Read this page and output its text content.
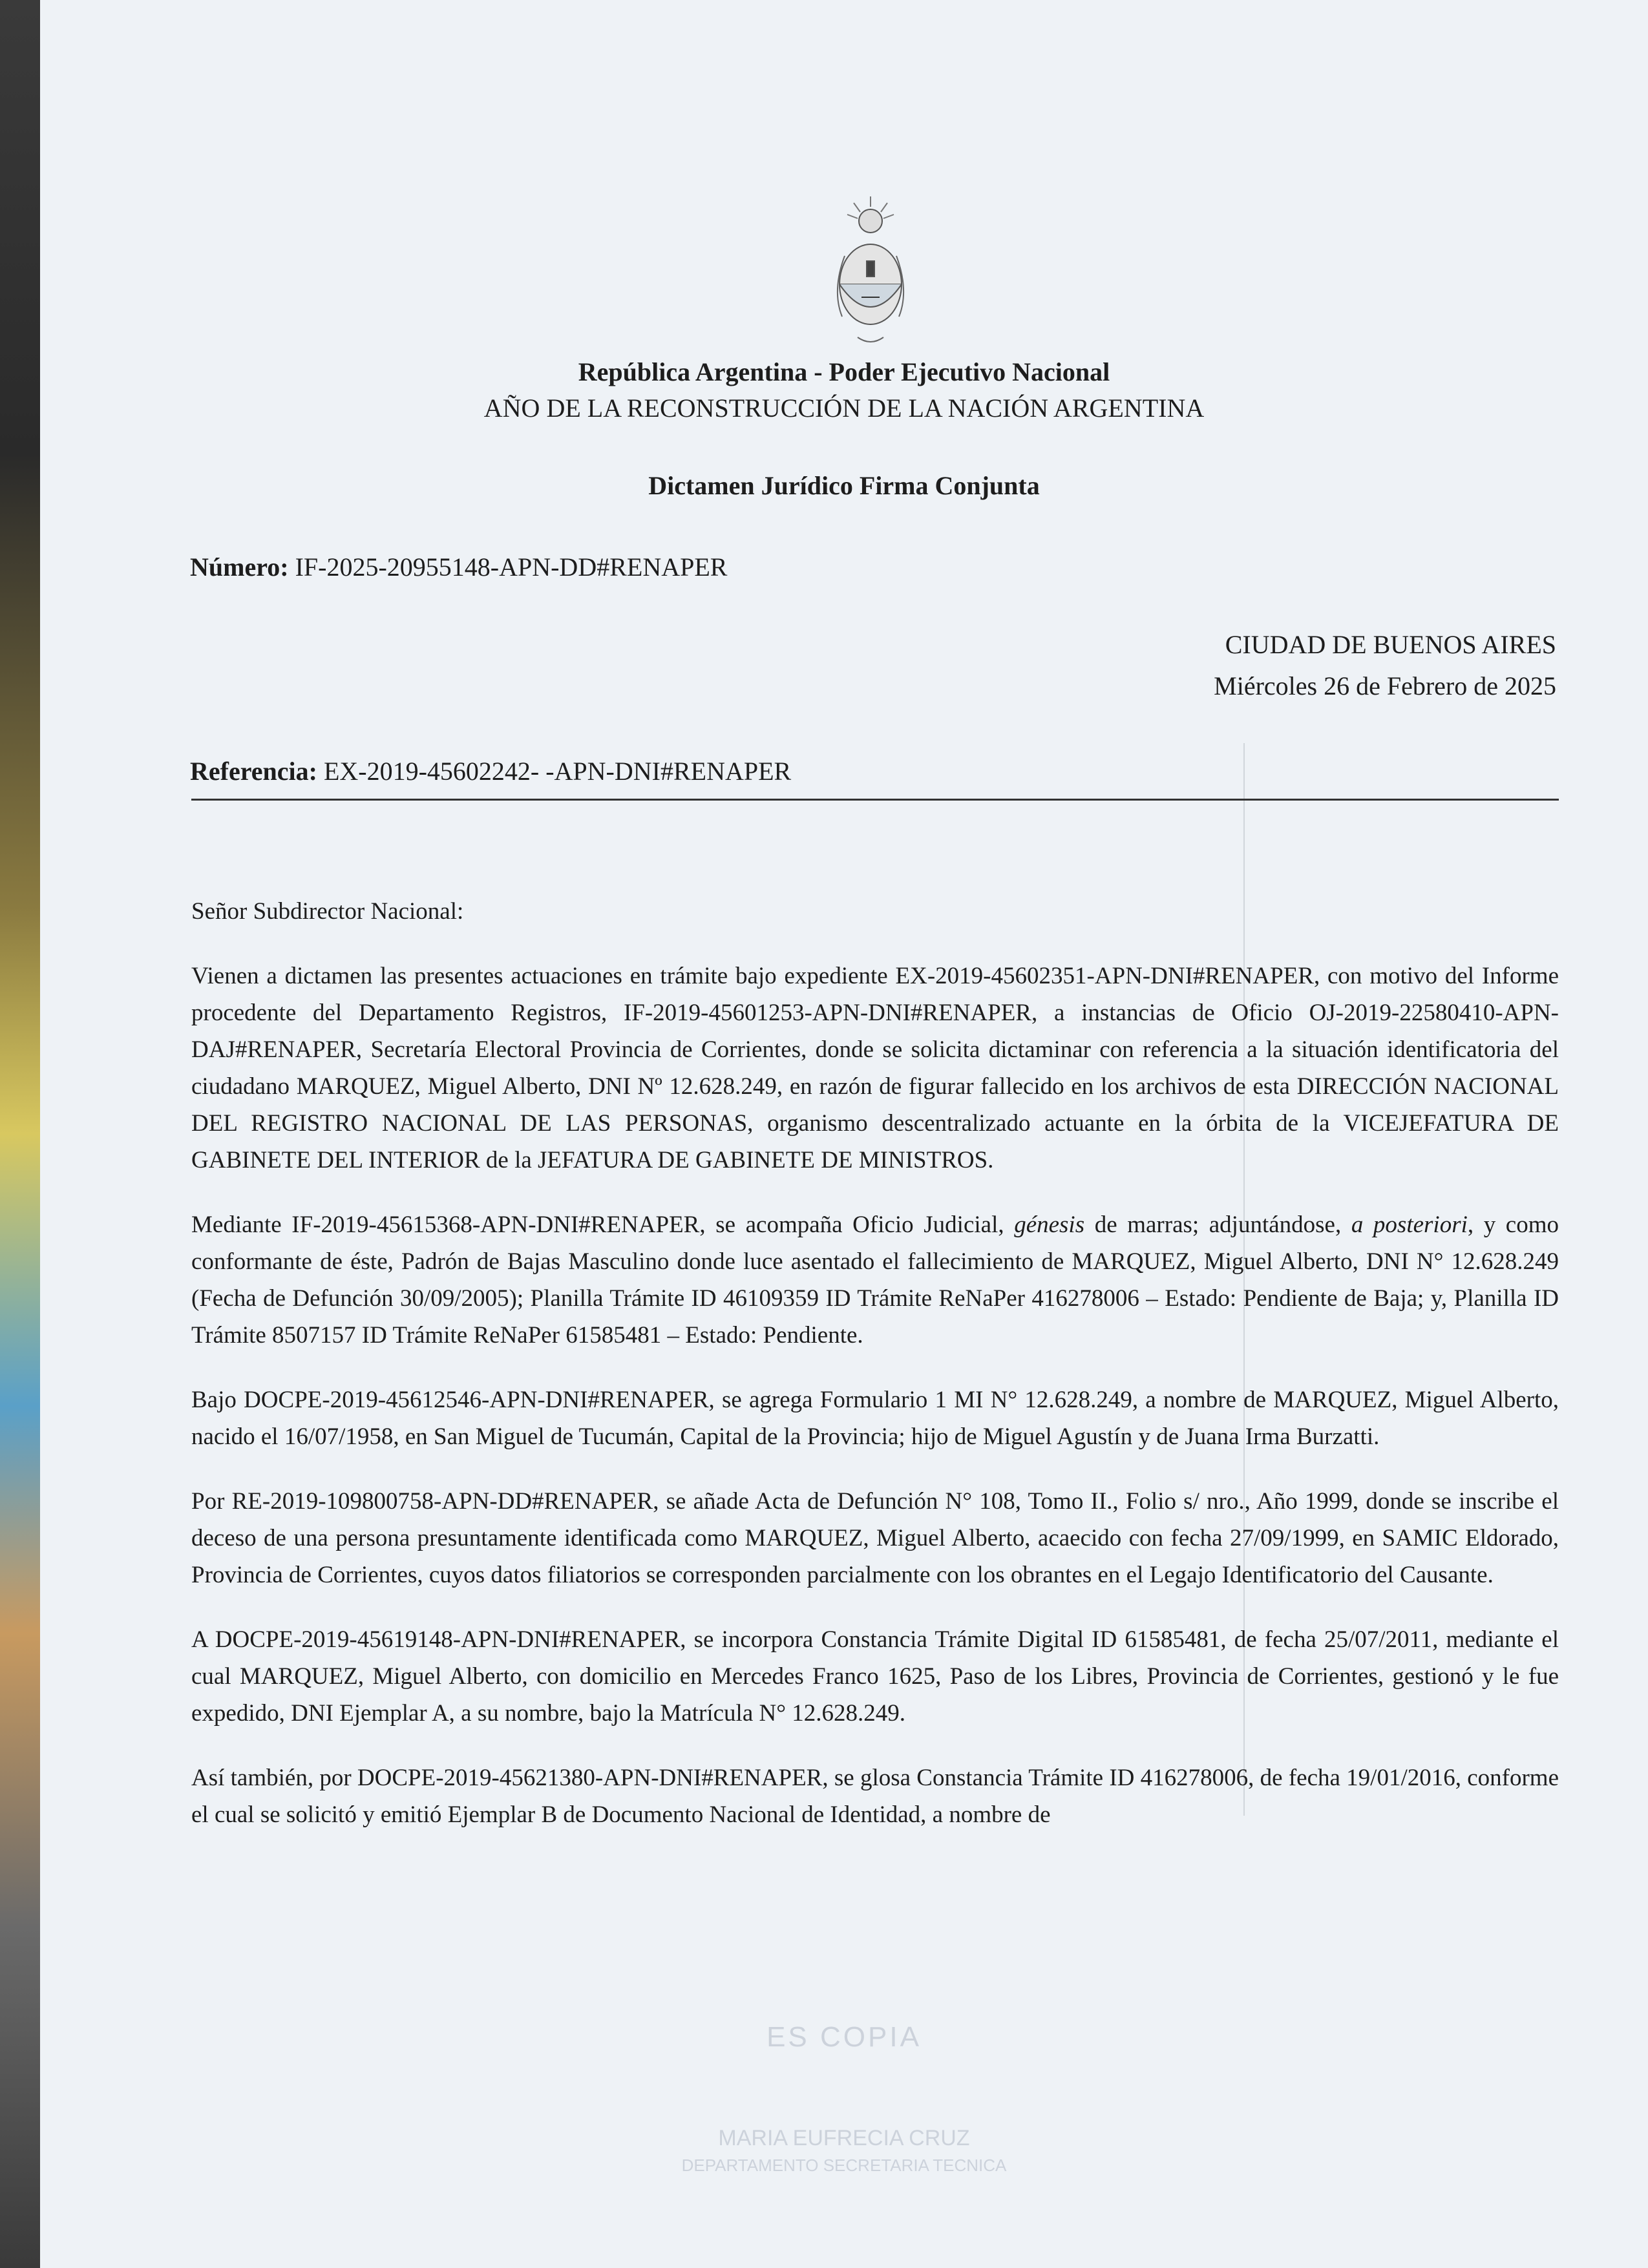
República Argentina - Poder Ejecutivo Nacional
AÑO DE LA RECONSTRUCCIÓN DE LA NACIÓN ARGENTINA
Dictamen Jurídico Firma Conjunta
Número: IF-2025-20955148-APN-DD#RENAPER
CIUDAD DE BUENOS AIRES
Miércoles 26 de Febrero de 2025
Referencia: EX-2019-45602242- -APN-DNI#RENAPER

Señor Subdirector Nacional:

Vienen a dictamen las presentes actuaciones en trámite bajo expediente EX-2019-45602351-APN-DNI#RENAPER, con motivo del Informe procedente del Departamento Registros, IF-2019-45601253-APN-DNI#RENAPER, a instancias de Oficio OJ-2019-22580410-APN-DAJ#RENAPER, Secretaría Electoral Provincia de Corrientes, donde se solicita dictaminar con referencia a la situación identificatoria del ciudadano MARQUEZ, Miguel Alberto, DNI Nº 12.628.249, en razón de figurar fallecido en los archivos de esta DIRECCIÓN NACIONAL DEL REGISTRO NACIONAL DE LAS PERSONAS, organismo descentralizado actuante en la órbita de la VICEJEFATURA DE GABINETE DEL INTERIOR de la JEFATURA DE GABINETE DE MINISTROS.

Mediante IF-2019-45615368-APN-DNI#RENAPER, se acompaña Oficio Judicial, génesis de marras; adjuntándose, a posteriori, y como conformante de éste, Padrón de Bajas Masculino donde luce asentado el fallecimiento de MARQUEZ, Miguel Alberto, DNI N° 12.628.249 (Fecha de Defunción 30/09/2005); Planilla Trámite ID 46109359 ID Trámite ReNaPer 416278006 – Estado: Pendiente de Baja; y, Planilla ID Trámite 8507157 ID Trámite ReNaPer 61585481 – Estado: Pendiente.

Bajo DOCPE-2019-45612546-APN-DNI#RENAPER, se agrega Formulario 1 MI N° 12.628.249, a nombre de MARQUEZ, Miguel Alberto, nacido el 16/07/1958, en San Miguel de Tucumán, Capital de la Provincia; hijo de Miguel Agustín y de Juana Irma Burzatti.

Por RE-2019-109800758-APN-DD#RENAPER, se añade Acta de Defunción N° 108, Tomo II., Folio s/ nro., Año 1999, donde se inscribe el deceso de una persona presuntamente identificada como MARQUEZ, Miguel Alberto, acaecido con fecha 27/09/1999, en SAMIC Eldorado, Provincia de Corrientes, cuyos datos filiatorios se corresponden parcialmente con los obrantes en el Legajo Identificatorio del Causante.

A DOCPE-2019-45619148-APN-DNI#RENAPER, se incorpora Constancia Trámite Digital ID 61585481, de fecha 25/07/2011, mediante el cual MARQUEZ, Miguel Alberto, con domicilio en Mercedes Franco 1625, Paso de los Libres, Provincia de Corrientes, gestionó y le fue expedido, DNI Ejemplar A, a su nombre, bajo la Matrícula N° 12.628.249.

Así también, por DOCPE-2019-45621380-APN-DNI#RENAPER, se glosa Constancia Trámite ID 416278006, de fecha 19/01/2016, conforme el cual se solicitó y emitió Ejemplar B de Documento Nacional de Identidad, a nombre de

ES COPIA
MARIA EUFRECIA CRUZ
DEPARTAMENTO SECRETARIA TECNICA
